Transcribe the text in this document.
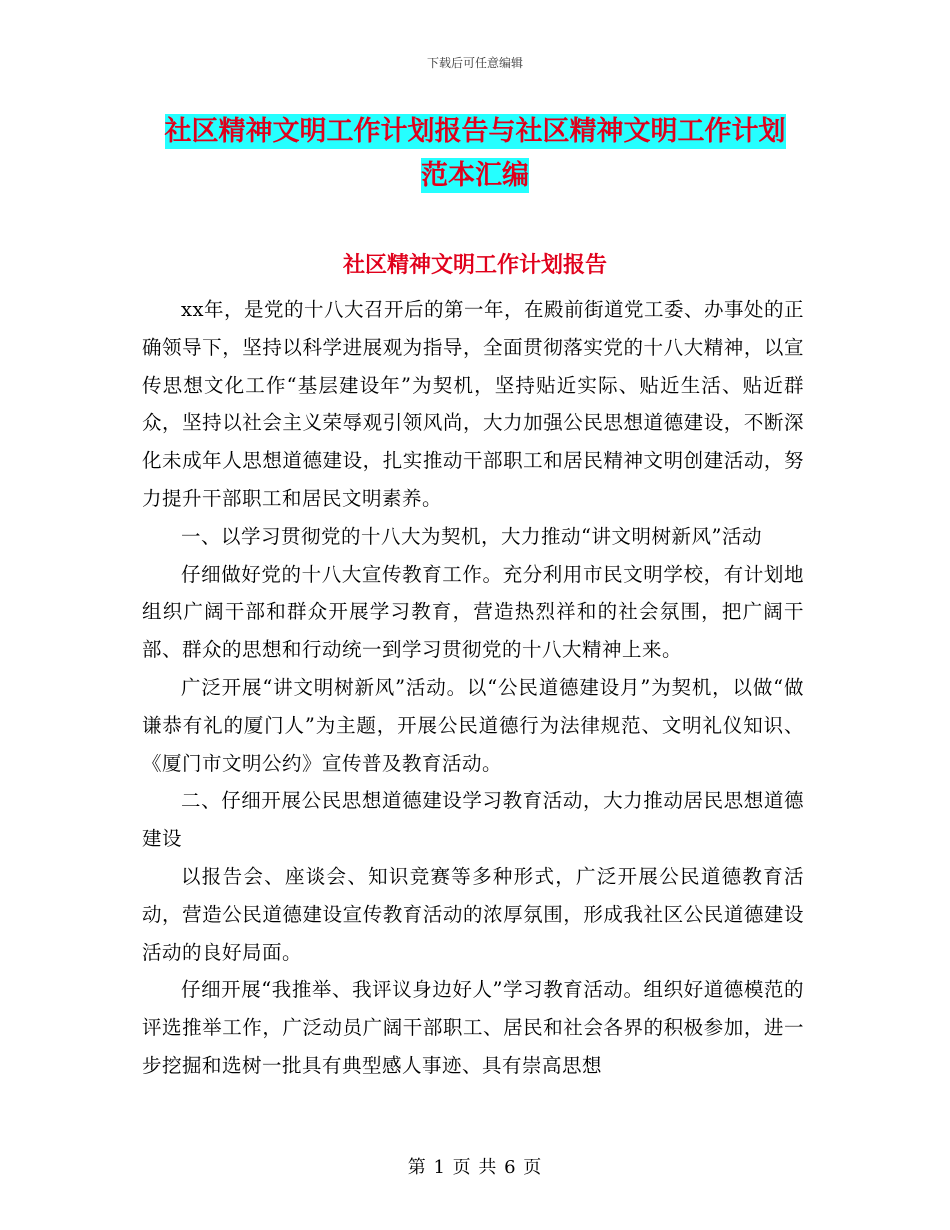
下载后可任意编辑
社区精神文明工作计划报告与社区精神文明工作计划
范本汇编
社区精神文明工作计划报告

xx年，是党的十八大召开后的第一年，在殿前街道党工委、办事处的正确领导下，坚持以科学进展观为指导，全面贯彻落实党的十八大精神，以宣传思想文化工作“基层建设年”为契机，坚持贴近实际、贴近生活、贴近群众，坚持以社会主义荣辱观引领风尚，大力加强公民思想道德建设，不断深化未成年人思想道德建设，扎实推动干部职工和居民精神文明创建活动，努力提升干部职工和居民文明素养。

一、以学习贯彻党的十八大为契机，大力推动“讲文明树新风”活动

仔细做好党的十八大宣传教育工作。充分利用市民文明学校，有计划地组织广阔干部和群众开展学习教育，营造热烈祥和的社会氛围，把广阔干部、群众的思想和行动统一到学习贯彻党的十八大精神上来。

广泛开展“讲文明树新风”活动。以“公民道德建设月”为契机，以做“做谦恭有礼的厦门人”为主题，开展公民道德行为法律规范、文明礼仪知识、《厦门市文明公约》宣传普及教育活动。

二、仔细开展公民思想道德建设学习教育活动，大力推动居民思想道德建设

以报告会、座谈会、知识竞赛等多种形式，广泛开展公民道德教育活动，营造公民道德建设宣传教育活动的浓厚氛围，形成我社区公民道德建设活动的良好局面。

仔细开展“我推举、我评议身边好人”学习教育活动。组织好道德模范的评选推举工作，广泛动员广阔干部职工、居民和社会各界的积极参加，进一步挖掘和选树一批具有典型感人事迹、具有崇高思想

第 1 页 共 6 页
